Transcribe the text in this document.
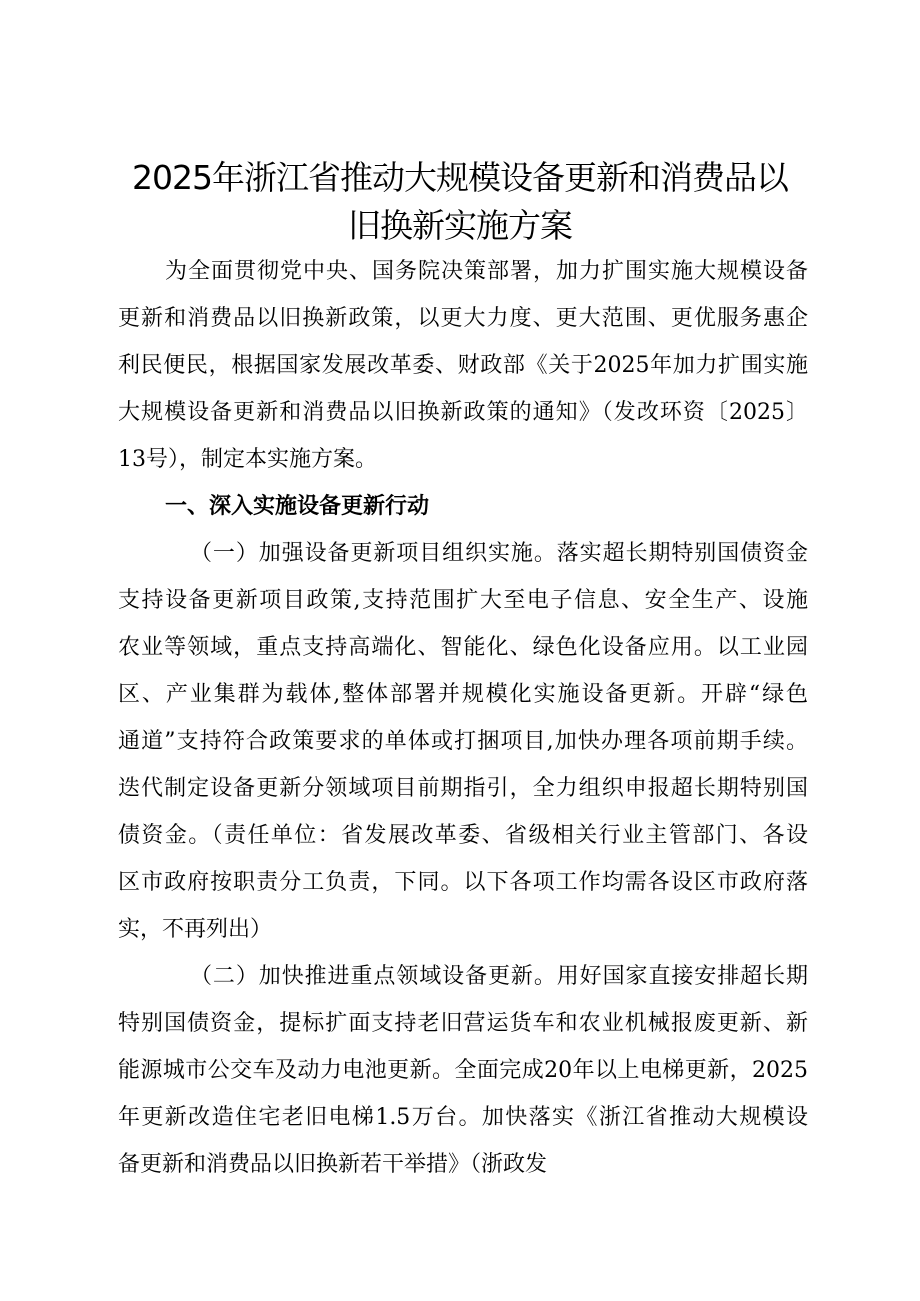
2025年浙江省推动大规模设备更新和消费品以
旧换新实施方案
为全面贯彻党中央、国务院决策部署，加力扩围实施大规模设备
更新和消费品以旧换新政策，以更大力度、更大范围、更优服务惠企
利民便民，根据国家发展改革委、财政部《关于2025年加力扩围实施
大规模设备更新和消费品以旧换新政策的通知》（发改环资〔2025〕
13号），制定本实施方案。
一、深入实施设备更新行动
（一）加强设备更新项目组织实施。落实超长期特别国债资金
支持设备更新项目政策,支持范围扩大至电子信息、安全生产、设施
农业等领域，重点支持高端化、智能化、绿色化设备应用。以工业园
区、产业集群为载体,整体部署并规模化实施设备更新。开辟“绿色
通道”支持符合政策要求的单体或打捆项目,加快办理各项前期手续。
迭代制定设备更新分领域项目前期指引，全力组织申报超长期特别国
债资金。（责任单位：省发展改革委、省级相关行业主管部门、各设
区市政府按职责分工负责，下同。以下各项工作均需各设区市政府落
实，不再列出）
（二）加快推进重点领域设备更新。用好国家直接安排超长期
特别国债资金，提标扩面支持老旧营运货车和农业机械报废更新、新
能源城市公交车及动力电池更新。全面完成20年以上电梯更新，2025
年更新改造住宅老旧电梯1.5万台。加快落实《浙江省推动大规模设
备更新和消费品以旧换新若干举措》（浙政发
